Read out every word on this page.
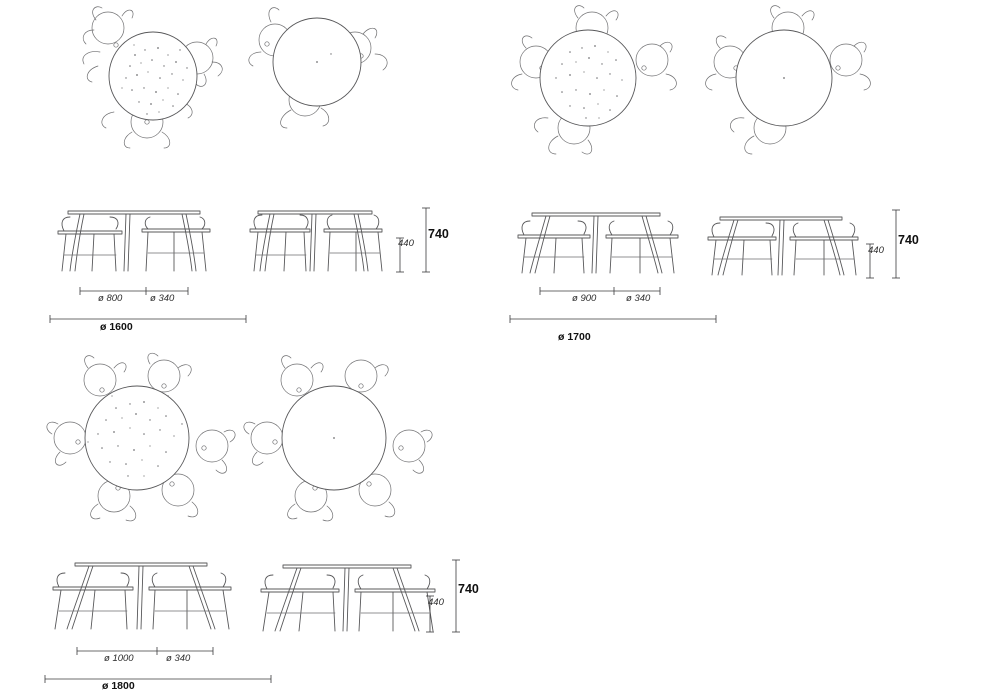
440
740
ø 800	ø 340
ø 1600
440
740
ø 900	ø 340
ø 1700
440
740
ø 1000	ø 340
ø 1800
